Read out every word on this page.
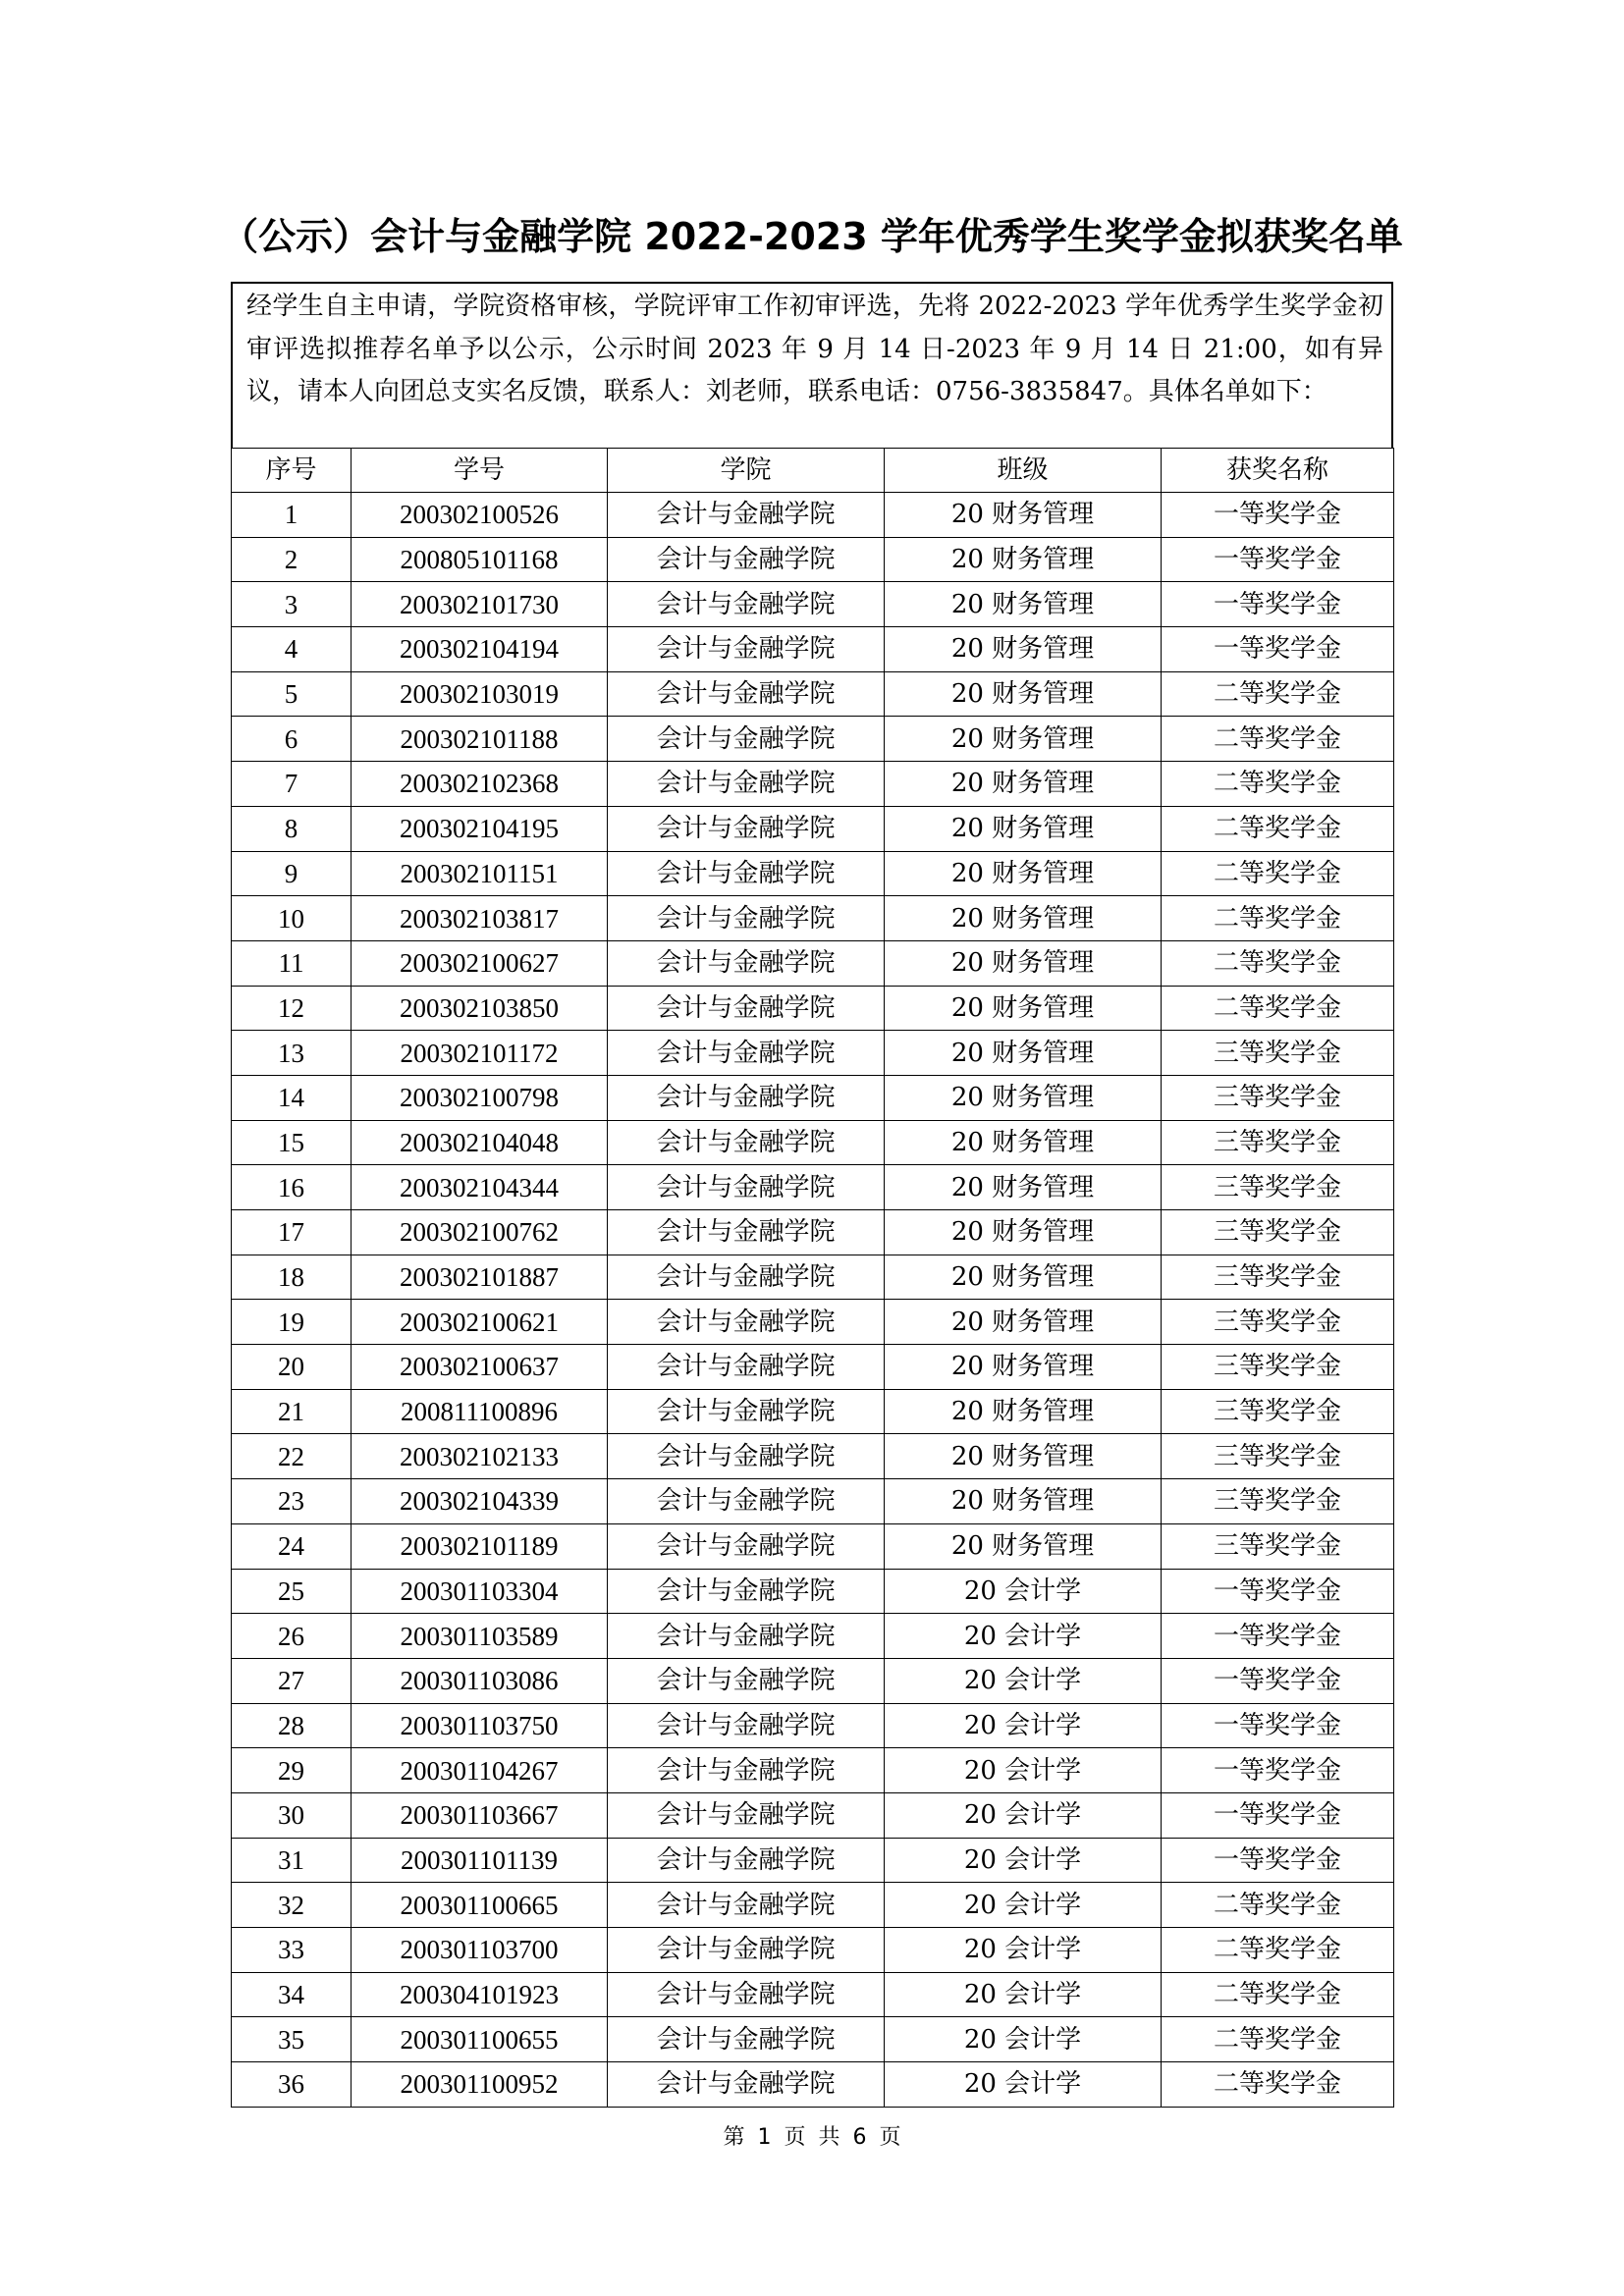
（公示）会计与金融学院 2022-2023 学年优秀学生奖学金拟获奖名单
经学生自主申请，学院资格审核，学院评审工作初审评选，先将 2022-2023 学年优秀学生奖学金初审评选拟推荐名单予以公示，公示时间 2023 年 9 月 14 日-2023 年 9 月 14 日 21:00，如有异议，请本人向团总支实名反馈，联系人：刘老师，联系电话：0756-3835847。具体名单如下：
序号	学号	学院	班级	获奖名称
1	200302100526	会计与金融学院	20 财务管理	一等奖学金
2	200805101168	会计与金融学院	20 财务管理	一等奖学金
3	200302101730	会计与金融学院	20 财务管理	一等奖学金
4	200302104194	会计与金融学院	20 财务管理	一等奖学金
5	200302103019	会计与金融学院	20 财务管理	二等奖学金
6	200302101188	会计与金融学院	20 财务管理	二等奖学金
7	200302102368	会计与金融学院	20 财务管理	二等奖学金
8	200302104195	会计与金融学院	20 财务管理	二等奖学金
9	200302101151	会计与金融学院	20 财务管理	二等奖学金
10	200302103817	会计与金融学院	20 财务管理	二等奖学金
11	200302100627	会计与金融学院	20 财务管理	二等奖学金
12	200302103850	会计与金融学院	20 财务管理	二等奖学金
13	200302101172	会计与金融学院	20 财务管理	三等奖学金
14	200302100798	会计与金融学院	20 财务管理	三等奖学金
15	200302104048	会计与金融学院	20 财务管理	三等奖学金
16	200302104344	会计与金融学院	20 财务管理	三等奖学金
17	200302100762	会计与金融学院	20 财务管理	三等奖学金
18	200302101887	会计与金融学院	20 财务管理	三等奖学金
19	200302100621	会计与金融学院	20 财务管理	三等奖学金
20	200302100637	会计与金融学院	20 财务管理	三等奖学金
21	200811100896	会计与金融学院	20 财务管理	三等奖学金
22	200302102133	会计与金融学院	20 财务管理	三等奖学金
23	200302104339	会计与金融学院	20 财务管理	三等奖学金
24	200302101189	会计与金融学院	20 财务管理	三等奖学金
25	200301103304	会计与金融学院	20 会计学	一等奖学金
26	200301103589	会计与金融学院	20 会计学	一等奖学金
27	200301103086	会计与金融学院	20 会计学	一等奖学金
28	200301103750	会计与金融学院	20 会计学	一等奖学金
29	200301104267	会计与金融学院	20 会计学	一等奖学金
30	200301103667	会计与金融学院	20 会计学	一等奖学金
31	200301101139	会计与金融学院	20 会计学	一等奖学金
32	200301100665	会计与金融学院	20 会计学	二等奖学金
33	200301103700	会计与金融学院	20 会计学	二等奖学金
34	200304101923	会计与金融学院	20 会计学	二等奖学金
35	200301100655	会计与金融学院	20 会计学	二等奖学金
36	200301100952	会计与金融学院	20 会计学	二等奖学金
第 1 页 共 6 页
